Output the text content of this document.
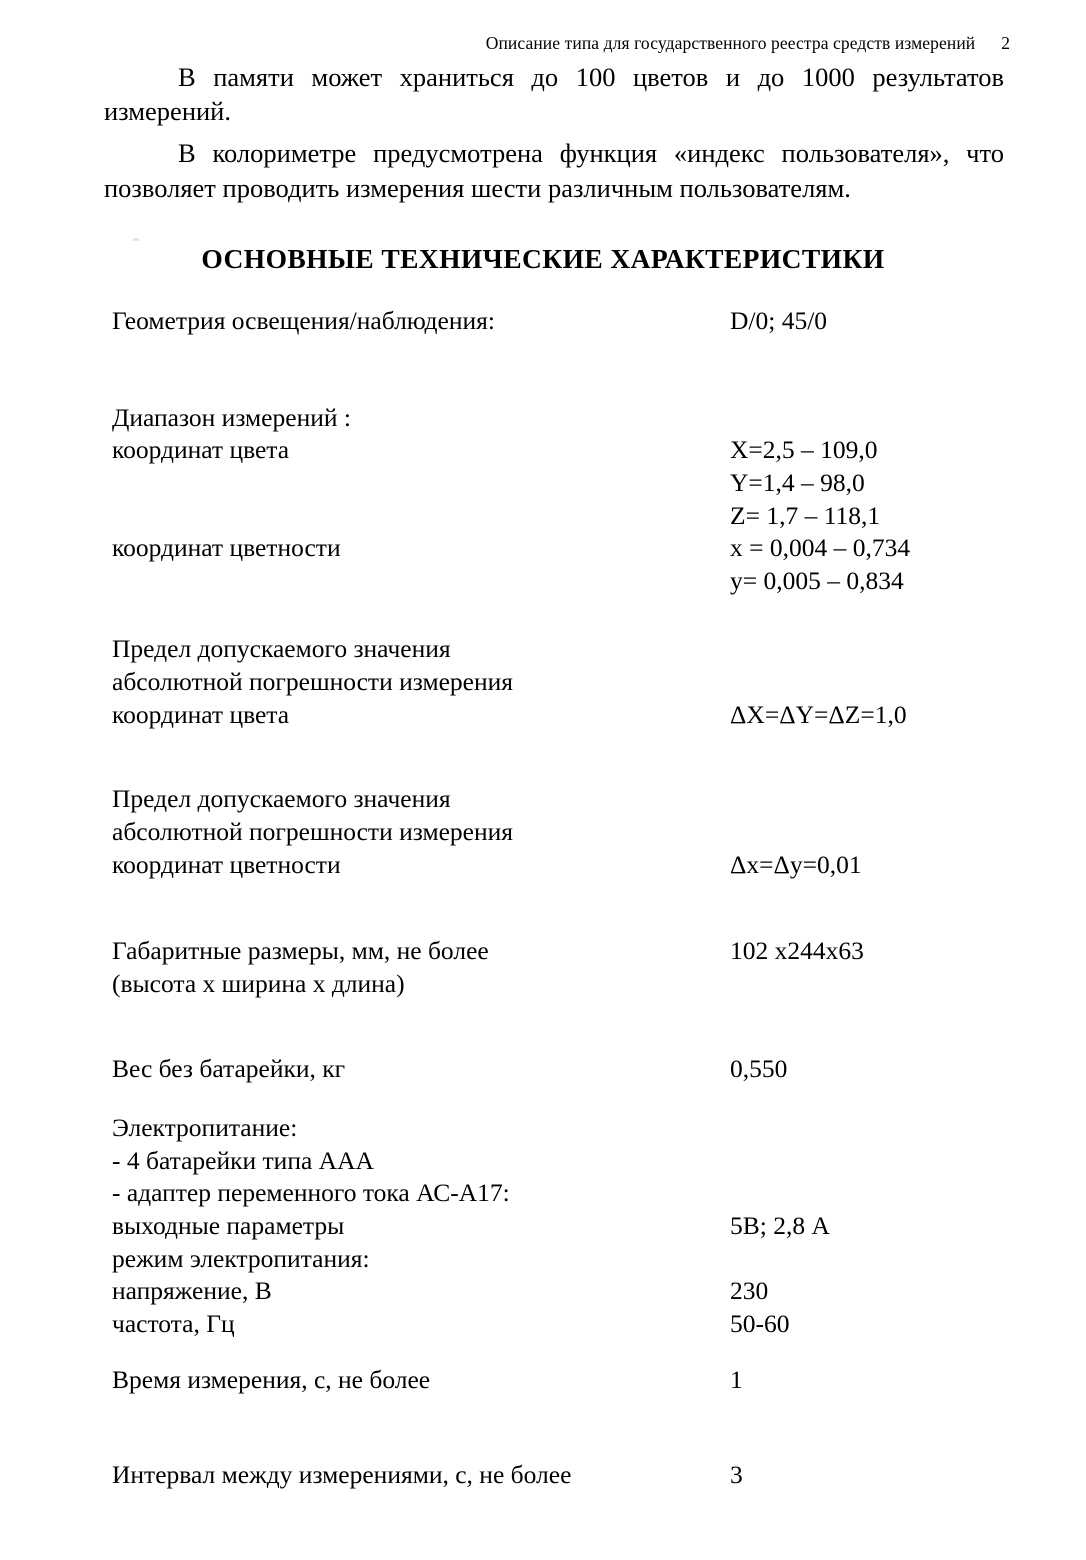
Описание типа для государственного реестра средств измерений 2

В памяти может храниться до 100 цветов и до 1000 результатов измерений.

В колориметре предусмотрена функция «индекс пользователя», что позволяет проводить измерения шести различным пользователям.

ОСНОВНЫЕ ТЕХНИЧЕСКИЕ ХАРАКТЕРИСТИКИ
Геометрия освещения/наблюдения:	D/0; 45/0
Диапазон измерений :

координат цвета	X=2,5 – 109,0

Y=1,4 – 98,0

Z= 1,7 – 118,1
координат цветности	x = 0,004 – 0,734

y= 0,005 – 0,834
Предел допускаемого значения

абсолютной погрешности измерения

координат цвета	ΔX=ΔY=ΔZ=1,0
Предел допускаемого значения

абсолютной погрешности измерения

координат цветности	Δx=Δy=0,01
Габаритные размеры, мм, не более	102 x244x63
(высота х ширина х длина)

Вес без батарейки, кг	0,550
Электропитание:

- 4 батарейки типа ААА

- адаптер переменного тока АС-А17:

выходные параметры	5В; 2,8 А
режим электропитания:

напряжение, В	230
частота, Гц	50-60
Время измерения, с, не более	1
Интервал между измерениями, с, не более	3
